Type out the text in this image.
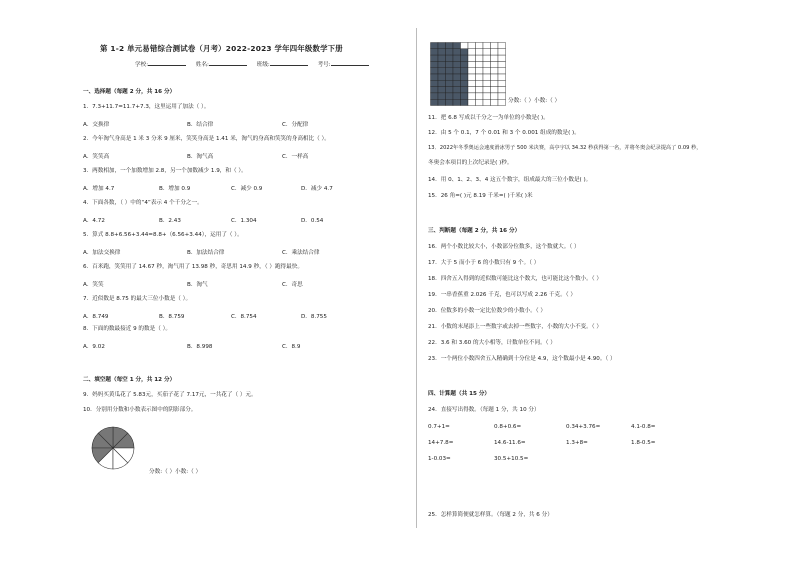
第 1-2 单元易错综合测试卷（月考）2022-2023 学年四年级数学下册
学校:	姓名:	班级:	考号:
一、选择题（每题 2 分，共 16 分）
1．7.3+11.7=11.7+7.3，这里运用了加法（ ）。
A．交换律	B．结合律	C．分配律
2．今年淘气身高是 1 米 3 分米 9 厘米，笑笑身高是 1.41 米，淘气的身高和笑笑的身高相比（ ）。
A．笑笑高	B．淘气高	C．一样高
3．两数相加，一个加数增加 2.8，另一个加数减少 1.9，和（ ）。
A．增加 4.7	B．增加 0.9	C．减少 0.9	D．减少 4.7
4．下面各数，（ ）中的“4”表示 4 个千分之一。
A．4.72	B．2.43	C．1.304	D．0.54
5．算式 8.8+6.56+3.44=8.8+（6.56+3.44），运用了（ ）。
A．加法交换律	B．加法结合律	C．乘法结合律
6．百米跑，笑笑用了 14.67 秒，淘气用了 13.98 秒，奇思用 14.9 秒，（ ）跑得最快。
A．笑笑	B．淘气	C．奇思
7．近似数是 8.75 的最大三位小数是（ ）。
A．8.749	B．8.759	C．8.754	D．8.755
8．下面的数最接近 9 的数是（ ）。
A．9.02	B．8.998	C．8.9
二、填空题（每空 1 分，共 12 分）
9．妈妈买黄瓜花了 5.83元，买茄子花了 7.17元，一共花了（ ）元。
10．分别用分数和小数表示图中的阴影部分。
分数:（ ）小数:（ ）
分数:（ ）小数:（ ）
11．把 6.8 写成以千分之一为单位的小数是( )。
12．由 5 个 0.1，7 个 0.01 和 3 个 0.001 组成的数是( )。
13．2022年冬季奥运会速度滑冰男子 500 米决赛，高亭宇以 34.32 秒获得第一名，并将冬奥会纪录提高了 0.09 秒，
冬奥会本项目的上次纪录是( )秒。
14．用 0、1、2、3、4 这五个数字，组成最大的三位小数是( )。
15．26 角=( )元 8.19 千米=( )千米( )米
三、判断题（每题 2 分，共 16 分）
16．两个小数比较大小，小数部分位数多，这个数就大。（ ）
17．大于 5 而小于 6 的小数只有 9 个。（ ）
18．四舍五入得到的近似数可能比这个数大，也可能比这个数小。（ ）
19．一串香蕉重 2.026 千克，也可以写成 2.26 千克。（ ）
20．位数多的小数一定比位数少的小数小。（ ）
21．小数的末尾添上一些数字或去掉一些数字，小数的大小不变。（ ）
22．3.6 和 3.60 的大小相等，计数单位不同。（ ）
23．一个两位小数四舍五入精确到十分位是 4.9，这个数最小是 4.90。（ ）
四、计算题（共 15 分）
24．直接写出得数。（每题 1 分，共 10 分）
0.7+1=	0.8+0.6=	0.34+3.76=	4.1-0.8=
14+7.8=	14.6-11.6=	1.3+8=	1.8-0.5=
1-0.03=	30.5+10.5=
25．怎样算简便就怎样算。（每题 2 分，共 6 分）
